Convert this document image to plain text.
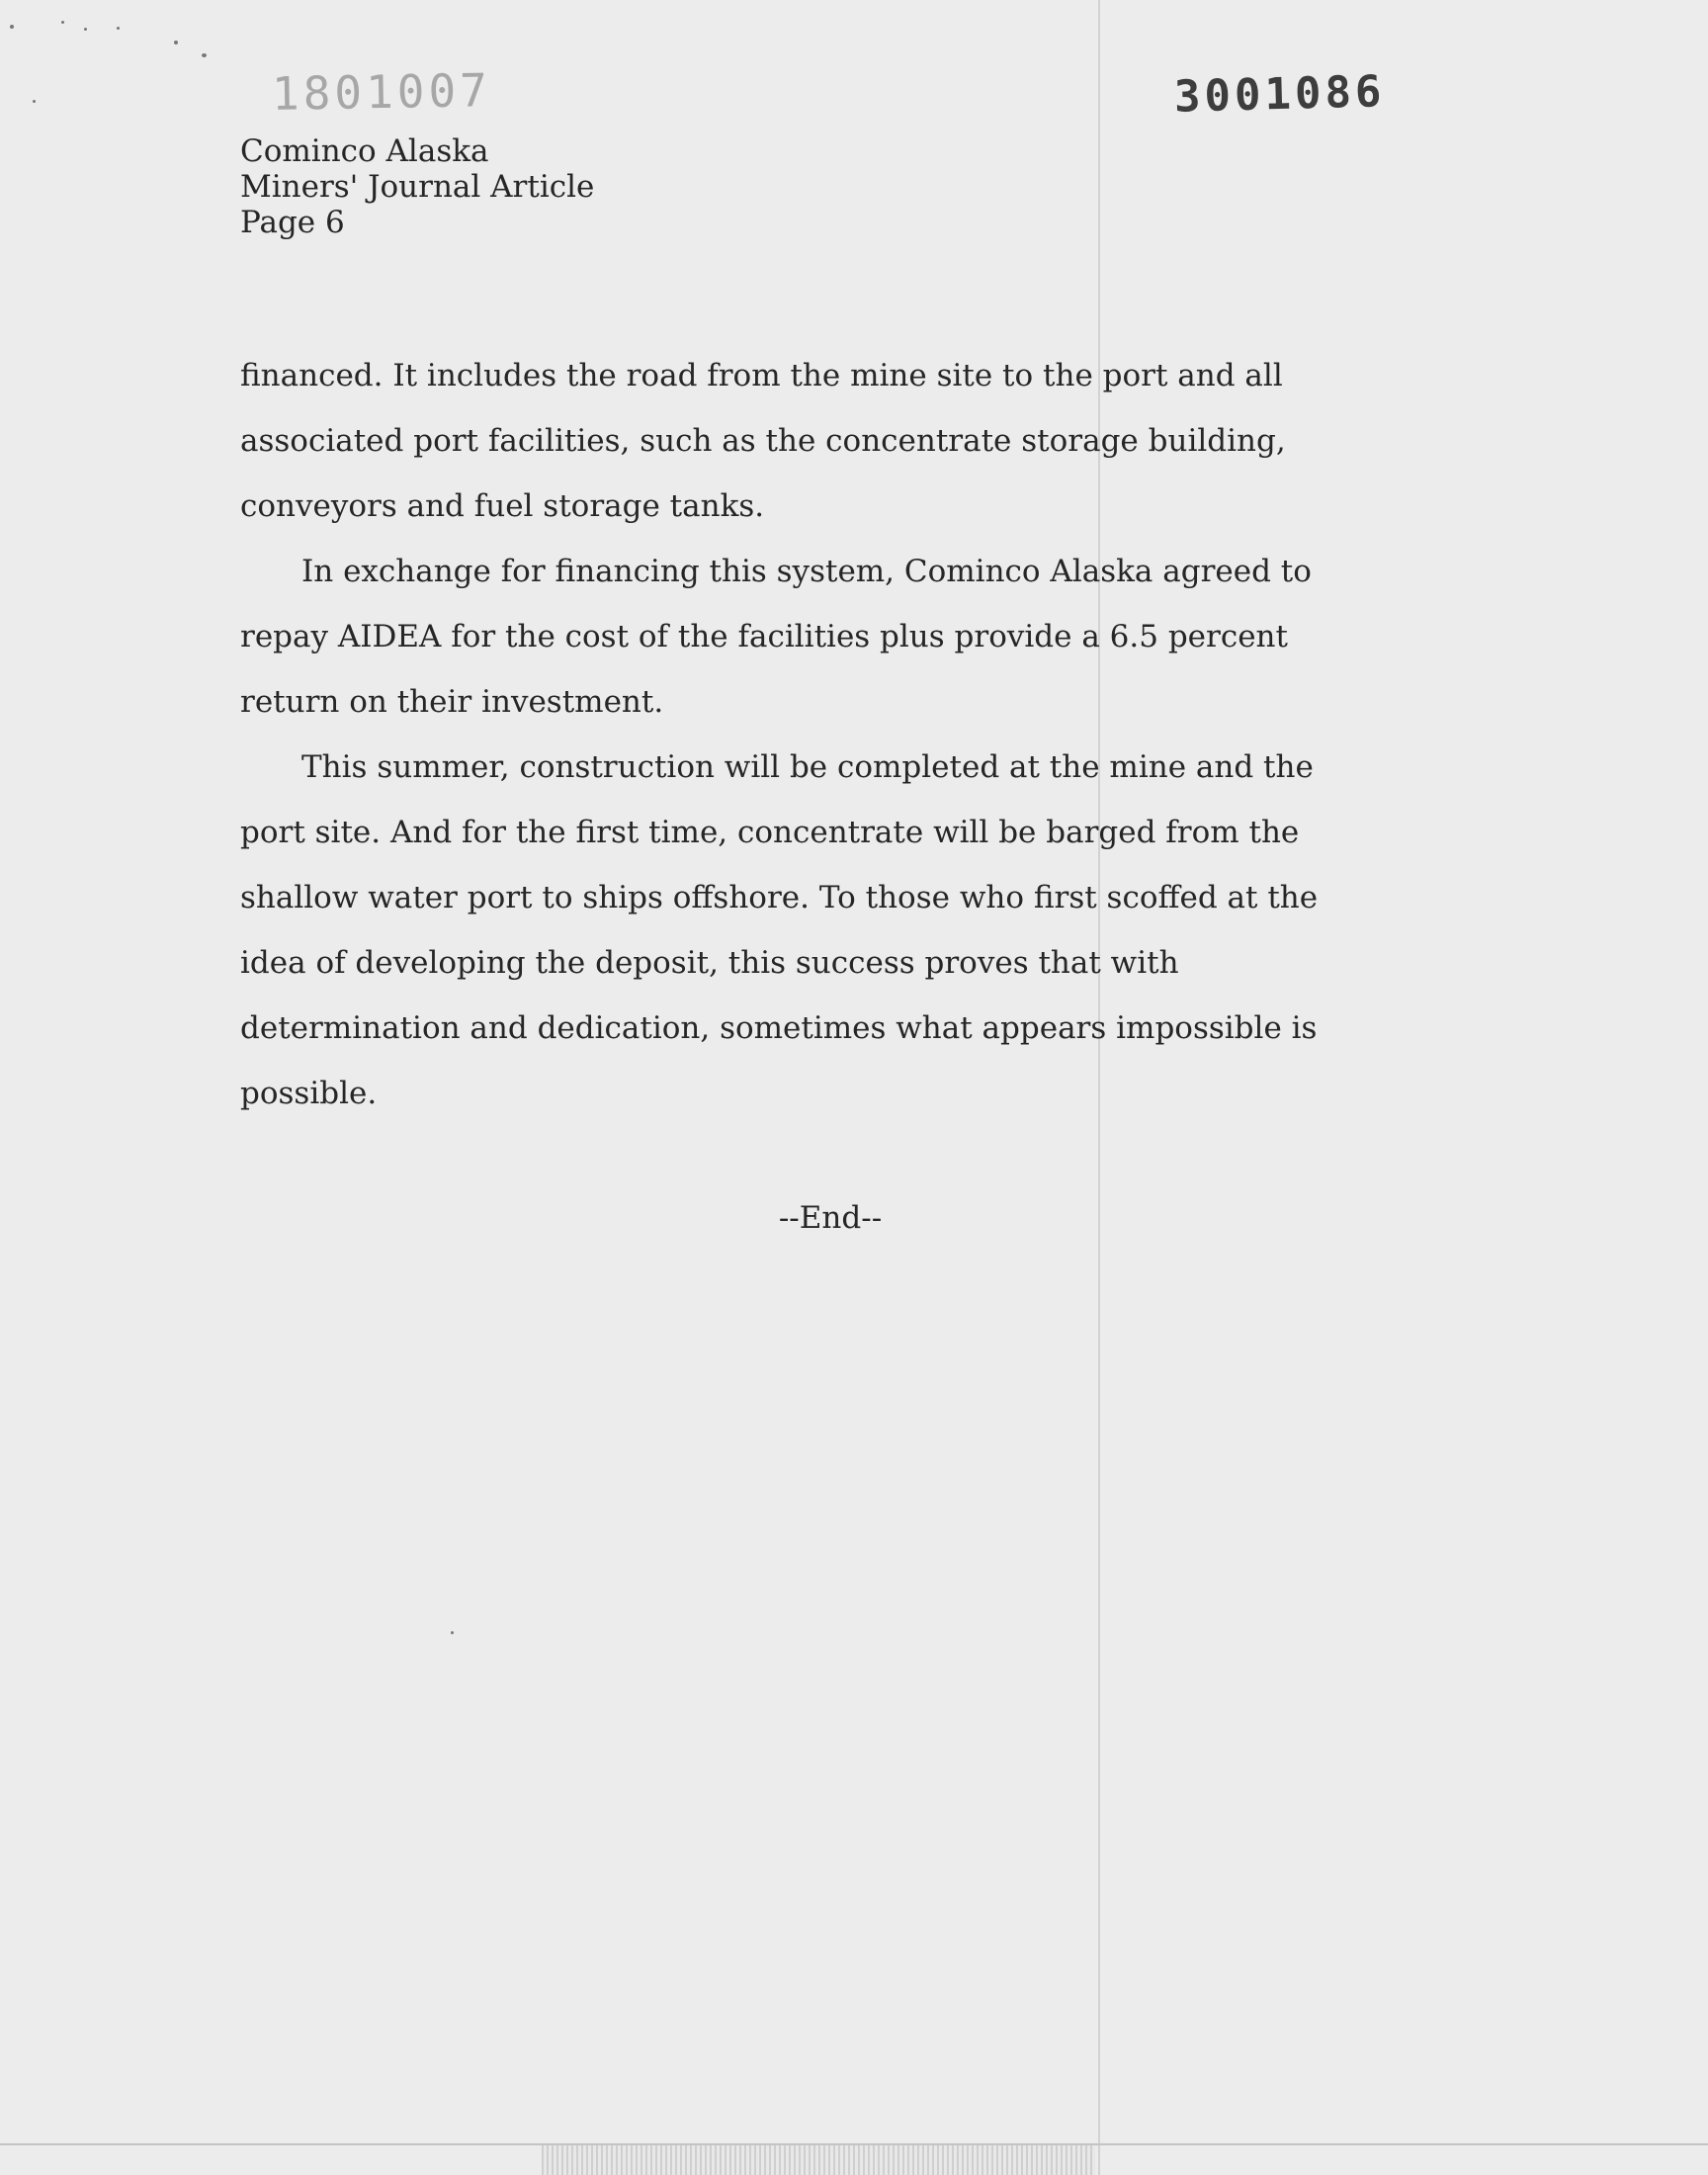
1801007	3001086
Cominco Alaska
Miners' Journal Article
Page 6

financed. It includes the road from the mine site to the port and all
associated port facilities, such as the concentrate storage building,
conveyors and fuel storage tanks.

In exchange for financing this system, Cominco Alaska agreed to
repay AIDEA for the cost of the facilities plus provide a 6.5 percent
return on their investment.

This summer, construction will be completed at the mine and the
port site. And for the first time, concentrate will be barged from the
shallow water port to ships offshore. To those who first scoffed at the
idea of developing the deposit, this success proves that with
determination and dedication, sometimes what appears impossible is
possible.

--End--
